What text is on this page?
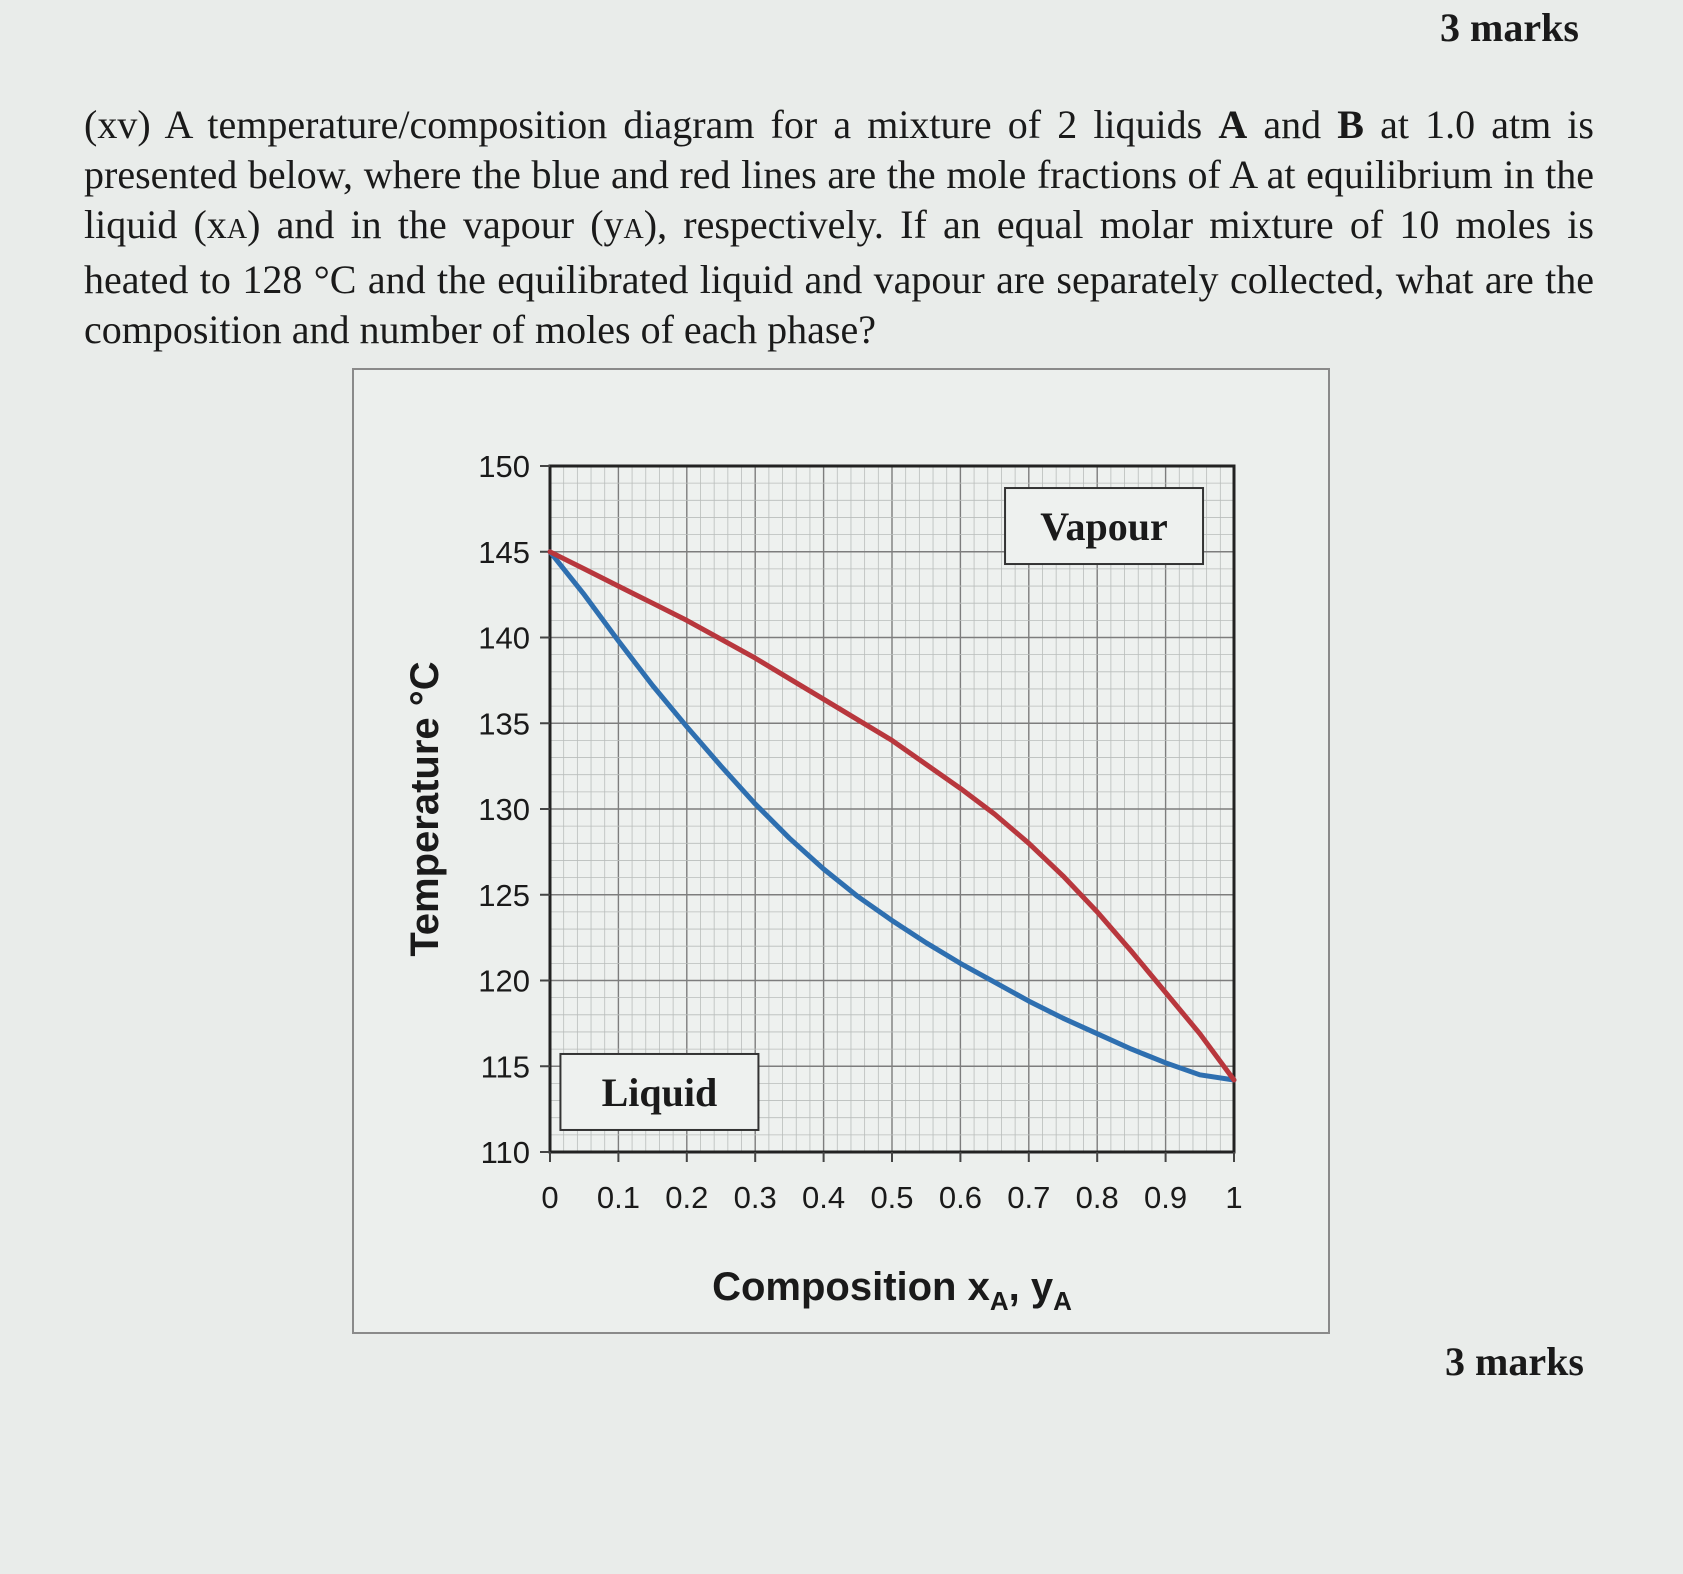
3 marks
(xv) A temperature/composition diagram for a mixture of 2 liquids A and B at 1.0 atm is presented below, where the blue and red lines are the mole fractions of A at equilibrium in the liquid (xA) and in the vapour (yA), respectively. If an equal molar mixture of 10 moles is heated to 128 °C and the equilibrated liquid and vapour are separately collected, what are the composition and number of moles of each phase?
110
115
120
125
130
135
140
145
150
0 0.1 0.2 0.3 0.4 0.5 0.6 0.7 0.8 0.9 1
Vapour
Liquid
Temperature °C
Composition $x_A$, $y_A$
3 marks
